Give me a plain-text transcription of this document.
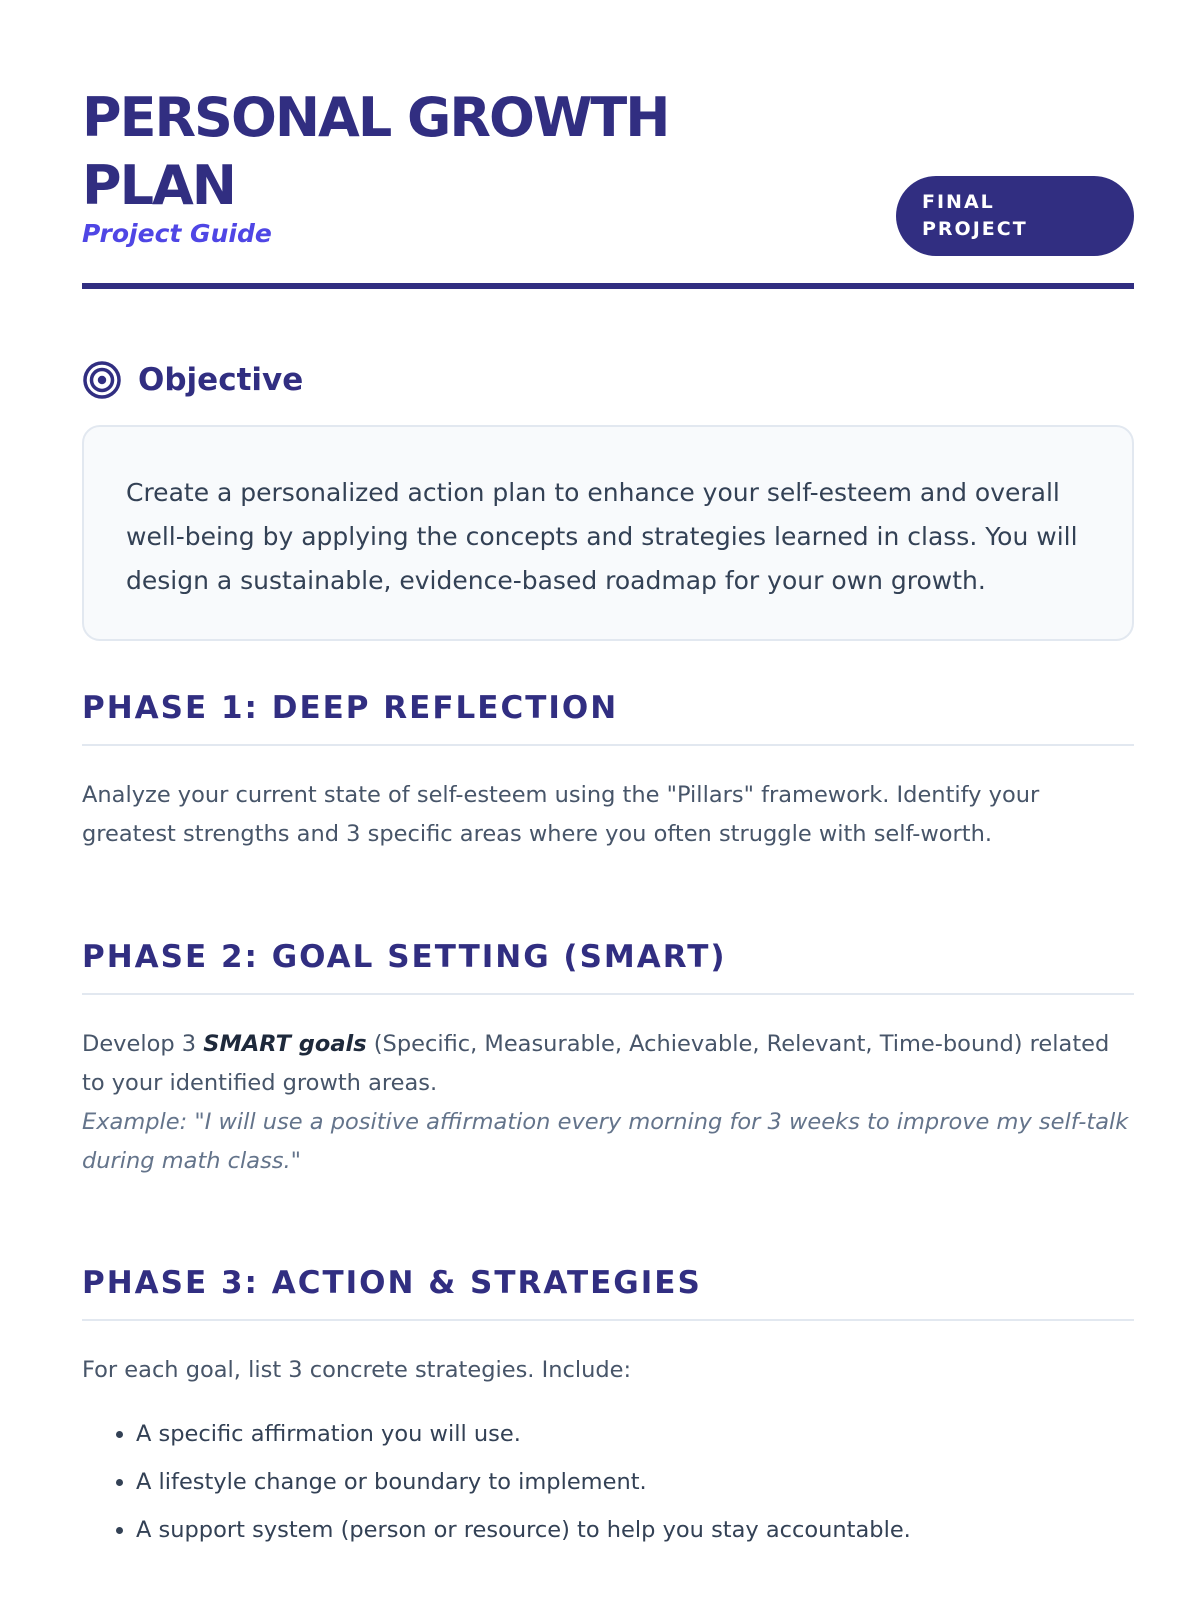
PERSONAL GROWTH PLAN
Project Guide
FINAL PROJECT
Objective
Create a personalized action plan to enhance your self-esteem and overall well-being by applying the concepts and strategies learned in class. You will design a sustainable, evidence-based roadmap for your own growth.
PHASE 1: DEEP REFLECTION

Analyze your current state of self-esteem using the "Pillars" framework. Identify your greatest strengths and 3 specific areas where you often struggle with self-worth.

PHASE 2: GOAL SETTING (SMART)

Develop 3 SMART goals (Specific, Measurable, Achievable, Relevant, Time-bound) related to your identified growth areas.

Example: "I will use a positive affirmation every morning for 3 weeks to improve my self-talk during math class."

PHASE 3: ACTION & STRATEGIES

For each goal, list 3 concrete strategies. Include:

• A specific affirmation you will use.
• A lifestyle change or boundary to implement.
• A support system (person or resource) to help you stay accountable.
